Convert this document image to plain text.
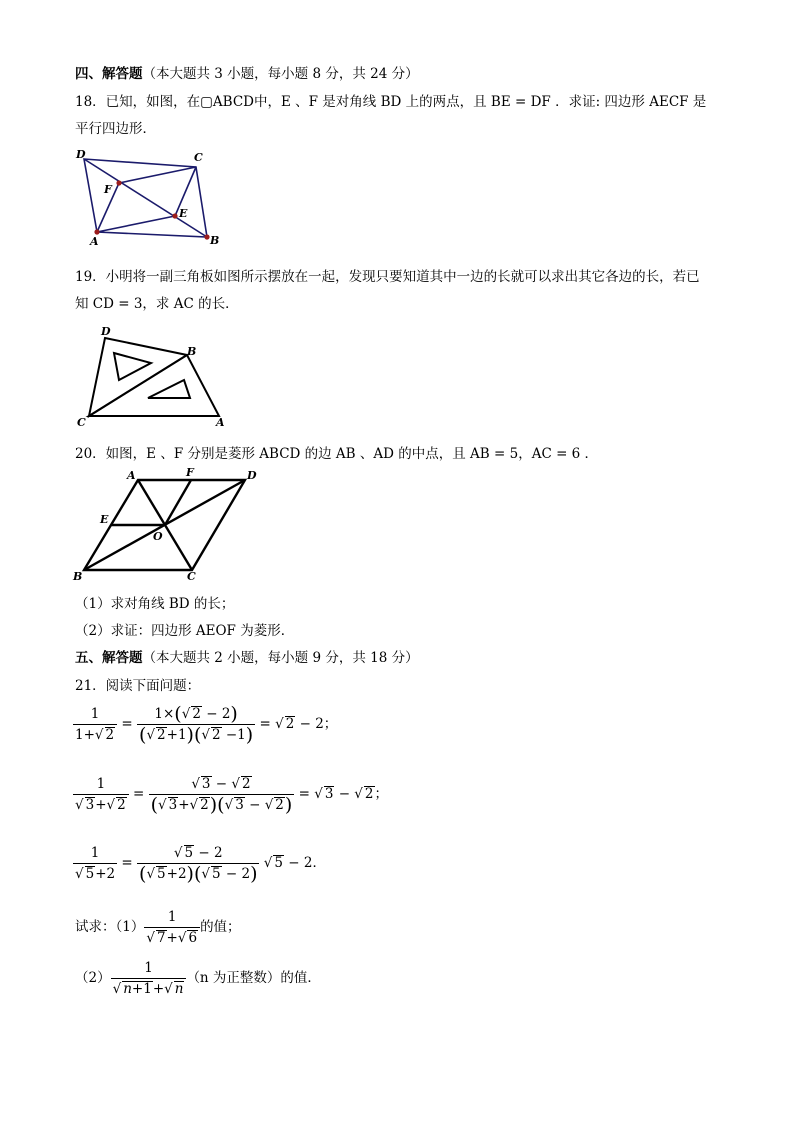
四、解答题（本大题共 3 小题，每小题 8 分，共 24 分）
18．已知，如图，在▢ABCD中，E 、F 是对角线 BD 上的两点，且 BE = DF ．求证: 四边形 AECF 是
平行四边形．
D	C
F
E
A	B
19．小明将一副三角板如图所示摆放在一起，发现只要知道其中一边的长就可以求出其它各边的长，若已
知 CD = 3，求 AC 的长．
D
B
C	A
20．如图，E 、F 分别是菱形 ABCD 的边 AB 、AD 的中点，且 AB = 5，AC = 6 ．
A	F	D
E
O
B	C
（1）求对角线 BD 的长；
（2）求证：四边形 AEOF 为菱形．
五、解答题（本大题共 2 小题，每小题 9 分，共 18 分）
21．阅读下面问题：
$\frac{1}{1+√ 2} = \frac{1\times(√ 2 - 2)}{(√ 2+1)(√ 2 -1)}$ = √ 2 − 2；
$\frac{1}{√ 3+√ 2} = \frac{√ 3 - √ 2}{(√ 3+√ 2)(√ 3 - √ 2)}$ = √ 3 − √ 2；
$\frac{1}{√ 5+2} = \frac{√ 5 - 2}{(√ 5+2)(√ 5 - 2)}$ √ 5 − 2．
试求：$(1) \frac{1}{√ 7+√ 6}$ 的值；
$(2) \frac{1}{√ n+1+√ n} (n$ 为正整数）的值．
